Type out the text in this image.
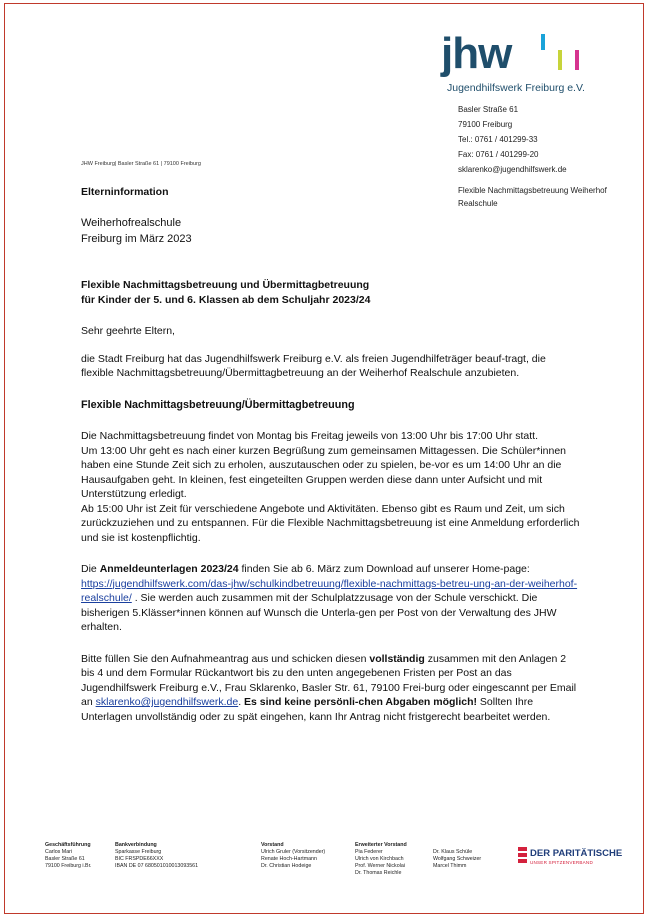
jhw
Jugendhilfswerk Freiburg e.V.
Basler Straße 61
79100 Freiburg
Tel.: 0761 / 401299-33
Fax: 0761 / 401299-20
sklarenko@jugendhilfswerk.de
JHW Freiburg| Basler Straße 61 | 79100 Freiburg
Flexible Nachmittagsbetreuung Weiherhof Realschule
Elterninformation
Weiherhofrealschule
Freiburg im März 2023

Flexible Nachmittagsbetreuung und Übermittagbetreuung

für Kinder der 5. und 6. Klassen ab dem Schuljahr 2023/24

Sehr geehrte Eltern,

die Stadt Freiburg hat das Jugendhilfswerk Freiburg e.V. als freien Jugendhilfeträger beauf-tragt, die flexible Nachmittagsbetreuung/Übermittagbetreuung an der Weiherhof Realschule anzubieten.

Flexible Nachmittagsbetreuung/Übermittagbetreuung

Die Nachmittagsbetreuung findet von Montag bis Freitag jeweils von 13:00 Uhr bis 17:00 Uhr statt.

Um 13:00 Uhr geht es nach einer kurzen Begrüßung zum gemeinsamen Mittagessen. Die Schüler*innen haben eine Stunde Zeit sich zu erholen, auszutauschen oder zu spielen, be-vor es um 14:00 Uhr an die Hausaufgaben geht. In kleinen, fest eingeteilten Gruppen werden diese dann unter Aufsicht und mit Unterstützung erledigt.

Ab 15:00 Uhr ist Zeit für verschiedene Angebote und Aktivitäten. Ebenso gibt es Raum und Zeit, um sich zurückzuziehen und zu entspannen. Für die Flexible Nachmittagsbetreuung ist eine Anmeldung erforderlich und sie ist kostenpflichtig.

Die Anmeldeunterlagen 2023/24 finden Sie ab 6. März zum Download auf unserer Home-page: https://jugendhilfswerk.com/das-jhw/schulkindbetreuung/flexible-nachmittags-betreu-ung-an-der-weiherhof-realschule/ . Sie werden auch zusammen mit der Schulplatzzusage von der Schule verschickt. Die bisherigen 5.Klässer*innen können auf Wunsch die Unterla-gen per Post von der Verwaltung des JHW erhalten.

Bitte füllen Sie den Aufnahmeantrag aus und schicken diesen vollständig zusammen mit den Anlagen 2 bis 4 und dem Formular Rückantwort bis zu den unten angegebenen Fristen per Post an das Jugendhilfswerk Freiburg e.V., Frau Sklarenko, Basler Str. 61, 79100 Frei-burg oder eingescannt per Email an sklarenko@jugendhilfswerk.de. Es sind keine persönli-chen Abgaben möglich! Sollten Ihre Unterlagen unvollständig oder zu spät eingehen, kann Ihr Antrag nicht fristgerecht bearbeitet werden.

Geschäftsführung
Carlos Mari
Basler Straße 61
79100 Freiburg i.Br.
Bankverbindung
Sparkasse Freiburg
BIC FRSPDE66XXX
IBAN DE 07 680501010013093561
Vorstand
Ulrich Gruler (Vorsitzender)
Renate Hoch-Hartmann
Dr. Christian Hodeige
Erweiterter Vorstand
Pia Federer
Ulrich von Kirchbach
Prof. Werner Nickolai
Dr. Thomas Reichle
Dr. Klaus Schüle
Wolfgang Schweizer
Marcel Thimm
DER PARITÄTISCHE
UNSER SPITZENVERBAND
